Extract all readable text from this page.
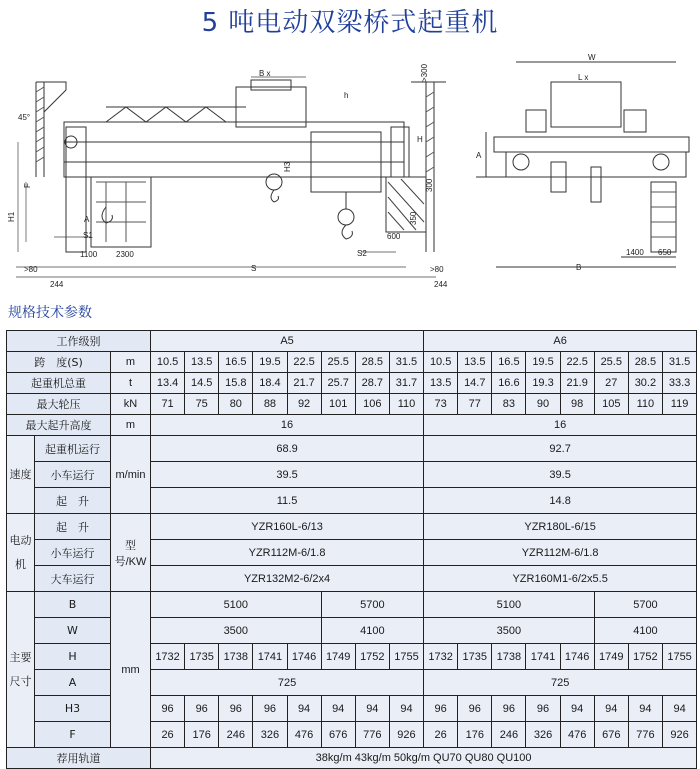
5 吨电动双梁桥式起重机
B x
h
>300
45°
H
H3
F
H1	A
S1
S2
350
300
600
1100 2300
>80	S
244
>80
244
W
L x
A
B
1400 650
规格技术参数
工作级别			A5								A6							
跨　度(S)		m	10.5	13.5	16.5	19.5	22.5	25.5	28.5	31.5	10.5	13.5	16.5	19.5	22.5	25.5	28.5	31.5
起重机总重		t	13.4	14.5	15.8	18.4	21.7	25.7	28.7	31.7	13.5	14.7	16.6	19.3	21.9	27	30.2	33.3
最大轮压		kN	71	75	80	88	92	101	106	110	73	77	83	90	98	105	110	119
最大起升高度		m	16								16							
速度	起重机运行	m/min	68.9								92.7							
	小车运行		39.5								39.5							
	起　升		11.5								14.8							
电动机	起　升	型号/KW	YZR160L-6/13								YZR180L-6/15							
	小车运行		YZR112M-6/1.8								YZR112M-6/1.8							
	大车运行		YZR132M2-6/2x4								YZR160M1-6/2x5.5							
主要尺寸	B	mm	5100					5700			5100					5700		
	W		3500					4100			3500					4100		
	H		1732	1735	1738	1741	1746	1749	1752	1755	1732	1735	1738	1741	1746	1749	1752	1755
	A		725								725							
	H3		96	96	96	96	94	94	94	94	96	96	96	96	94	94	94	94
	F		26	176	246	326	476	676	776	926	26	176	246	326	476	676	776	926
荐用轨道			38kg/m 43kg/m 50kg/m QU70 QU80 QU100															
